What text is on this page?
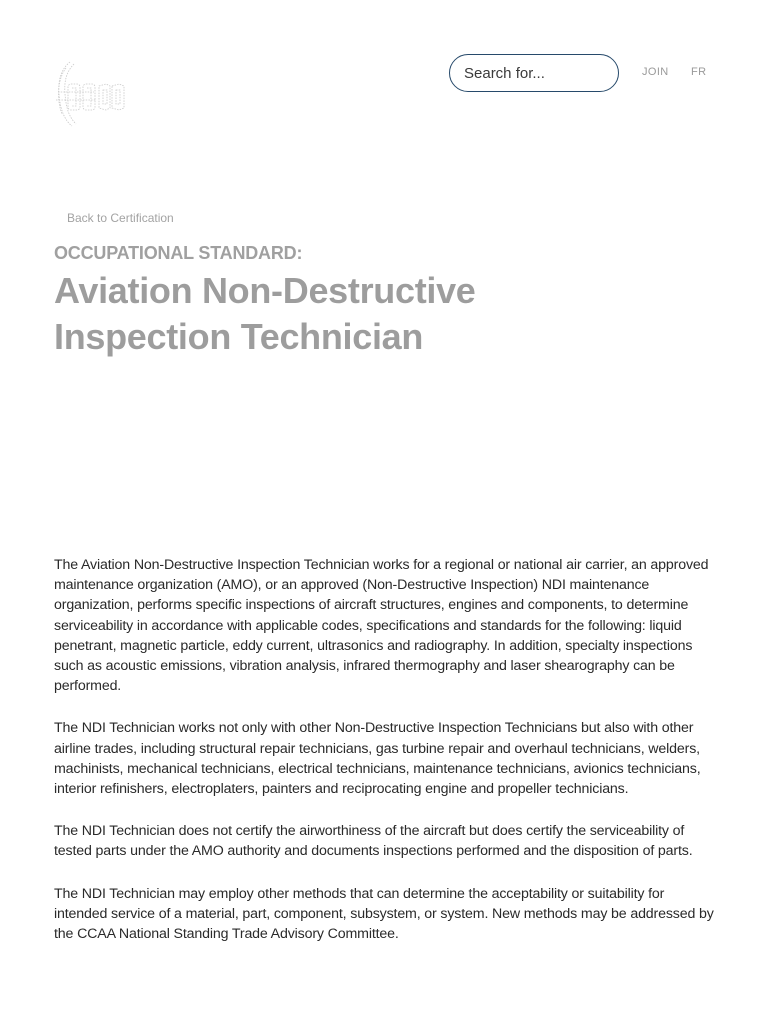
Search for...
JOIN FR
Back to Certification
OCCUPATIONAL STANDARD:
Aviation Non-Destructive
Inspection Technician

The Aviation Non-Destructive Inspection Technician works for a regional or national air carrier, an approved maintenance organization (AMO), or an approved (Non-Destructive Inspection) NDI maintenance organization, performs specific inspections of aircraft structures, engines and components, to determine serviceability in accordance with applicable codes, specifications and standards for the following: liquid penetrant, magnetic particle, eddy current, ultrasonics and radiography. In addition, specialty inspections such as acoustic emissions, vibration analysis, infrared thermography and laser shearography can be performed.

The NDI Technician works not only with other Non-Destructive Inspection Technicians but also with other airline trades, including structural repair technicians, gas turbine repair and overhaul technicians, welders, machinists, mechanical technicians, electrical technicians, maintenance technicians, avionics technicians, interior refinishers, electroplaters, painters and reciprocating engine and propeller technicians.

The NDI Technician does not certify the airworthiness of the aircraft but does certify the serviceability of tested parts under the AMO authority and documents inspections performed and the disposition of parts.

The NDI Technician may employ other methods that can determine the acceptability or suitability for intended service of a material, part, component, subsystem, or system. New methods may be addressed by the CCAA National Standing Trade Advisory Committee.
